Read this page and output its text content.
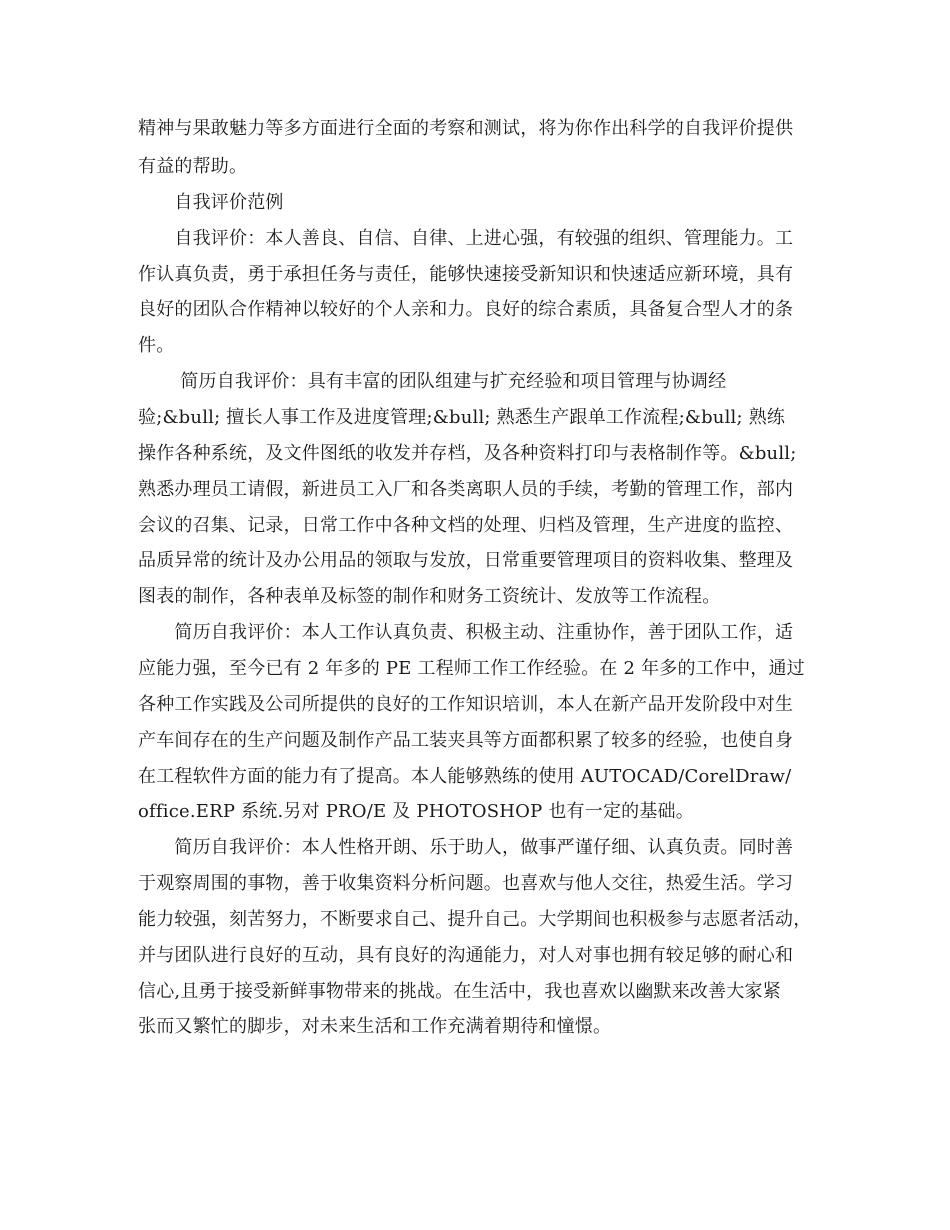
精神与果敢魅力等多方面进行全面的考察和测试，将为你作出科学的自我评价提供
有益的帮助。
　　自我评价范例
　　自我评价：本人善良、自信、自律、上进心强，有较强的组织、管理能力。工
作认真负责，勇于承担任务与责任，能够快速接受新知识和快速适应新环境，具有
良好的团队合作精神以较好的个人亲和力。良好的综合素质，具备复合型人才的条
件。
　　 简历自我评价：具有丰富的团队组建与扩充经验和项目管理与协调经
验;&bull; 擅长人事工作及进度管理;&bull; 熟悉生产跟单工作流程;&bull; 熟练
操作各种系统，及文件图纸的收发并存档，及各种资料打印与表格制作等。&bull;
熟悉办理员工请假，新进员工入厂和各类离职人员的手续，考勤的管理工作，部内
会议的召集、记录，日常工作中各种文档的处理、归档及管理，生产进度的监控、
品质异常的统计及办公用品的领取与发放，日常重要管理项目的资料收集、整理及
图表的制作，各种表单及标签的制作和财务工资统计、发放等工作流程。
　　简历自我评价：本人工作认真负责、积极主动、注重协作，善于团队工作，适
应能力强，至今已有 2 年多的 PE 工程师工作工作经验。在 2 年多的工作中，通过
各种工作实践及公司所提供的良好的工作知识培训，本人在新产品开发阶段中对生
产车间存在的生产问题及制作产品工装夹具等方面都积累了较多的经验，也使自身
在工程软件方面的能力有了提高。本人能够熟练的使用 AUTOCAD/CorelDraw/
office.ERP 系统.另对 PRO/E 及 PHOTOSHOP 也有一定的基础。
　　简历自我评价：本人性格开朗、乐于助人，做事严谨仔细、认真负责。同时善
于观察周围的事物，善于收集资料分析问题。也喜欢与他人交往，热爱生活。学习
能力较强，刻苦努力，不断要求自己、提升自己。大学期间也积极参与志愿者活动，
并与团队进行良好的互动，具有良好的沟通能力，对人对事也拥有较足够的耐心和
信心,且勇于接受新鲜事物带来的挑战。在生活中，我也喜欢以幽默来改善大家紧
张而又繁忙的脚步，对未来生活和工作充满着期待和憧憬。
